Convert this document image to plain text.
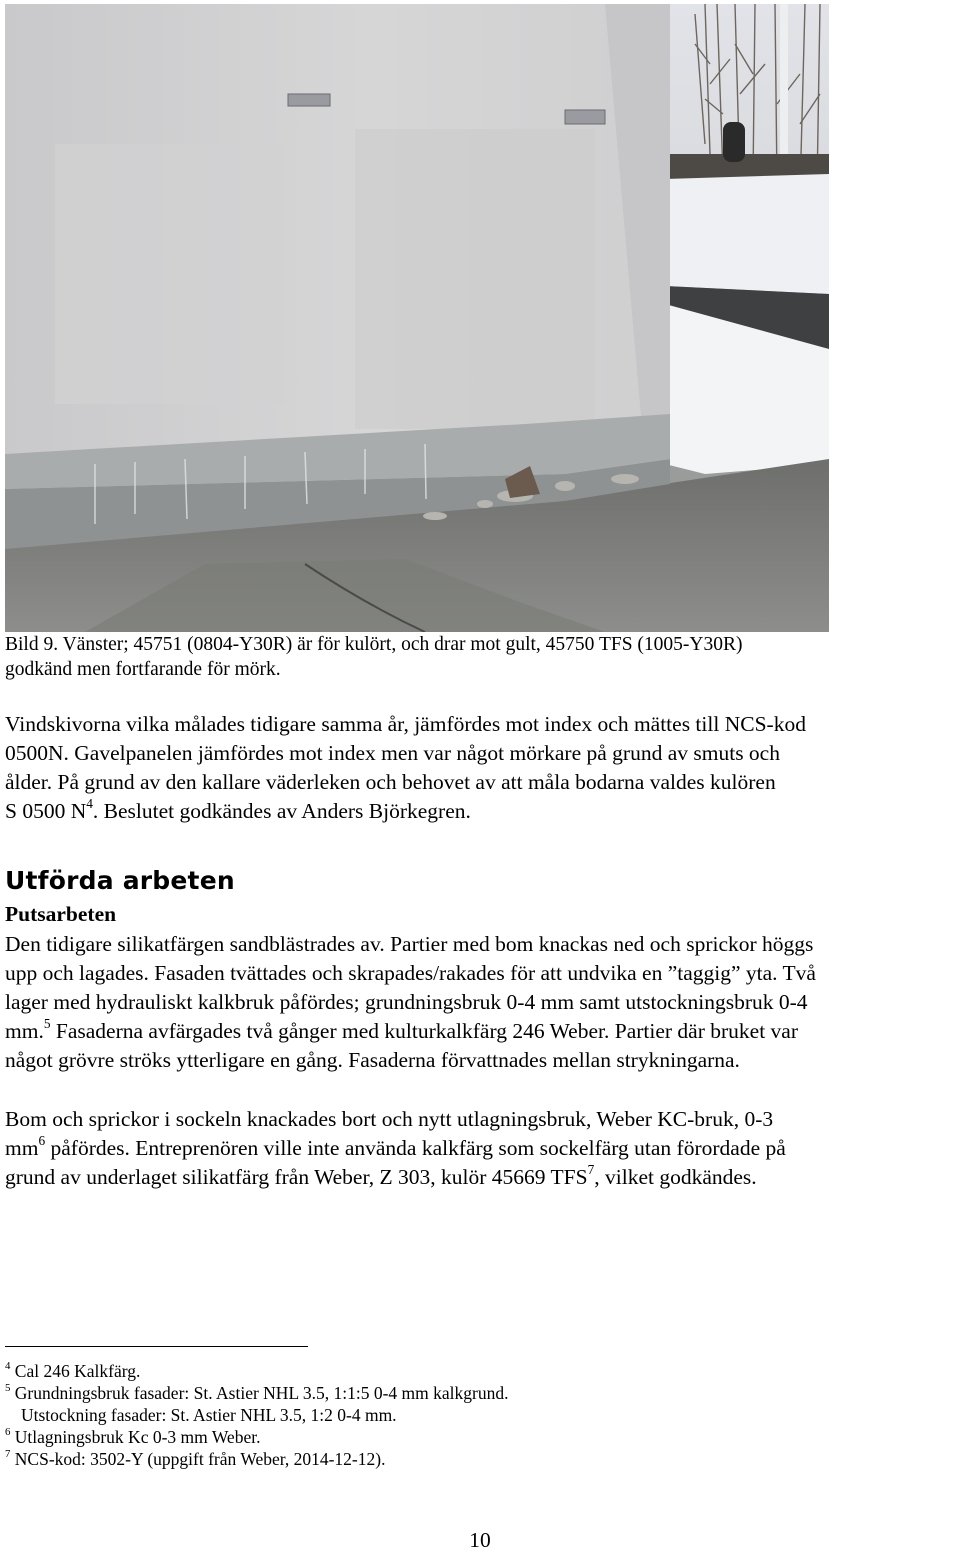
Bild 9. Vänster; 45751 (0804-Y30R) är för kulört, och drar mot gult, 45750 TFS (1005-Y30R)
godkänd men fortfarande för mörk.
Vindskivorna vilka målades tidigare samma år, jämfördes mot index och mättes till NCS-kod
0500N. Gavelpanelen jämfördes mot index men var något mörkare på grund av smuts och
ålder. På grund av den kallare väderleken och behovet av att måla bodarna valdes kulören
S 0500 $N^4$. Beslutet godkändes av Anders Björkegren.
Utförda arbeten
Putsarbeten
Den tidigare silikatfärgen sandblästrades av. Partier med bom knackas ned och sprickor höggs
upp och lagades. Fasaden tvättades och skrapades/rakades för att undvika en ”taggig” yta. Två
lager med hydrauliskt kalkbruk påfördes; grundningsbruk 0-4 mm samt utstockningsbruk 0-4
mm.$^5$ Fasaderna avfärgades två gånger med kulturkalkfärg 246 Weber. Partier där bruket var
något grövre ströks ytterligare en gång. Fasaderna förvattnades mellan strykningarna.
Bom och sprickor i sockeln knackades bort och nytt utlagningsbruk, Weber KC-bruk, 0-3
$mm^6$ påfördes. Entreprenören ville inte använda kalkfärg som sockelfärg utan förordade på
grund av underlaget silikatfärg från Weber, Z 303, kulör 45669 TFS$^7$, vilket godkändes.
$^4$ Cal 246 Kalkfärg.
$^5$ Grundningsbruk fasader: St. Astier NHL 3.5, 1:1:5 0-4 mm kalkgrund.
Utstockning fasader: St. Astier NHL 3.5, 1:2 0-4 mm.
$^6$ Utlagningsbruk Kc 0-3 mm Weber.
$^7$ NCS-kod: 3502-Y (uppgift från Weber, 2014-12-12).
10
